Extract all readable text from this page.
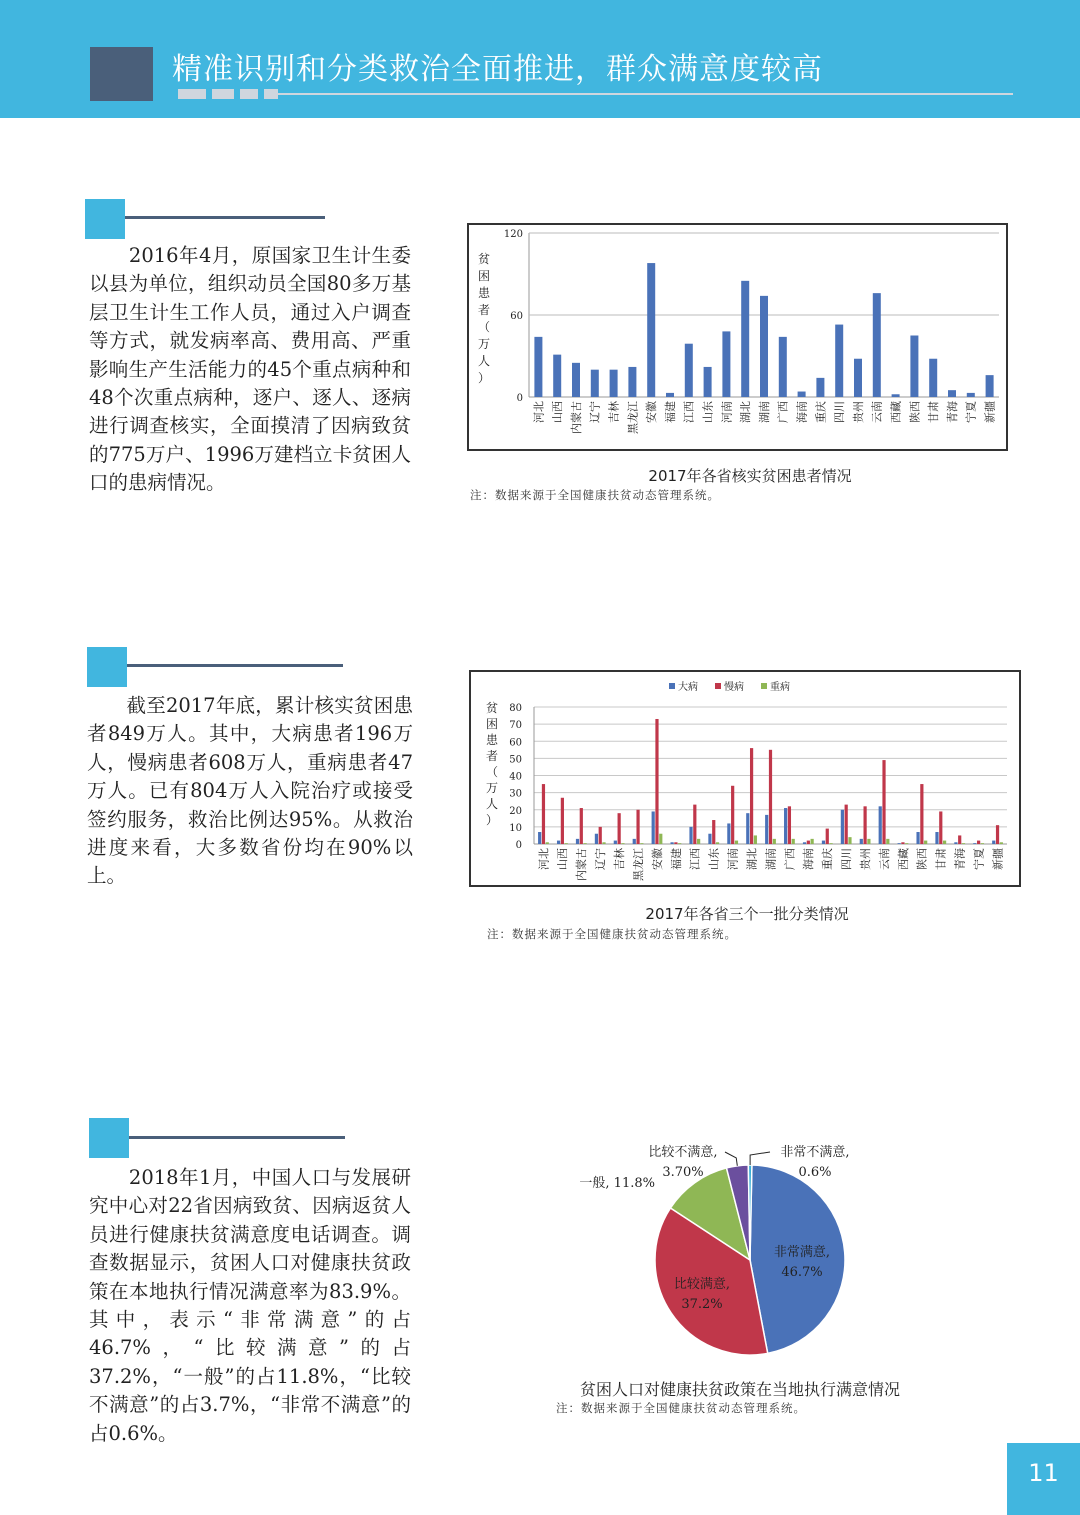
精准识别和分类救治全面推进，群众满意度较高
　　2016年4月，原国家卫生计生委以县为单位，组织动员全国80多万基层卫生计生工作人员，通过入户调查等方式，就发病率高、费用高、严重影响生产生活能力的45个重点病种和48个次重点病种，逐户、逐人、逐病进行调查核实，全面摸清了因病致贫的775万户、1996万建档立卡贫困人口的患病情况。
0
60
120
贫
困
患
者
（
万
人
）
河北 山西 内蒙古 辽宁 吉林 黑龙江 安徽 福建 江西 山东 河南 湖北 湖南 广西 海南 重庆 四川 贵州 云南 西藏 陕西 甘肃 青海 宁夏 新疆
2017年各省核实贫困患者情况
注：数据来源于全国健康扶贫动态管理系统。
　　截至2017年底，累计核实贫困患者849万人。其中，大病患者196万人，慢病患者608万人，重病患者47万人。已有804万人入院治疗或接受签约服务，救治比例达95%。从救治进度来看，大多数省份均在90%以上。
大病	慢病	重病
0
10
20
30
40
50
60
70
80
贫
困
患
者
（
万
人
）
河北 山西 内蒙古 辽宁 吉林 黑龙江 安徽 福建 江西 山东 河南 湖北 湖南 广西 海南 重庆 四川 贵州 云南 西藏 陕西 甘肃 青海 宁夏 新疆
2017年各省三个一批分类情况
注：数据来源于全国健康扶贫动态管理系统。
　　2018年1月，中国人口与发展研究中心对22省因病致贫、因病返贫人员进行健康扶贫满意度电话调查。调查数据显示，贫困人口对健康扶贫政策在本地执行情况满意率为83.9%。其中，表示“非常满意”的占46.7%，“比较满意”的占37.2%，“一般”的占11.8%，“比较不满意”的占3.7%，“非常不满意”的占0.6%。
非常满意,
46.7%
比较满意,
37.2%
一般, 11.8%
比较不满意,
3.70%
非常不满意,
0.6%
贫困人口对健康扶贫政策在当地执行满意情况
注：数据来源于全国健康扶贫动态管理系统。
11
